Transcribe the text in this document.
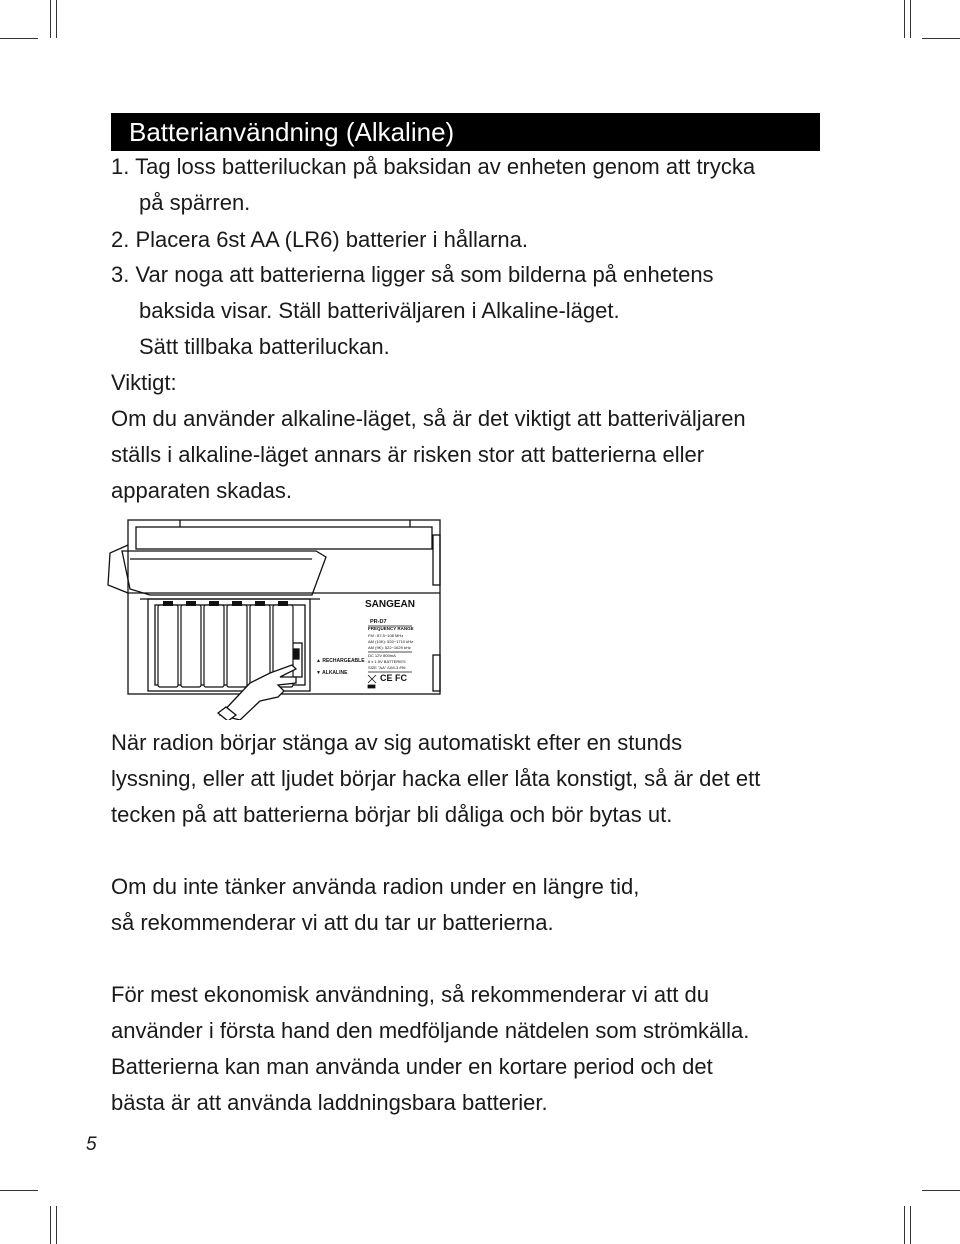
Batterianvändning (Alkaline)
1. Tag loss batteriluckan på baksidan av enheten genom att trycka
på spärren.
2. Placera 6st AA (LR6) batterier i hållarna.
3. Var noga att batterierna ligger så som bilderna på enhetens
baksida visar. Ställ batteriväljaren i Alkaline-läget.
Sätt tillbaka batteriluckan.
Viktigt:
Om du använder alkaline-läget, så är det viktigt att batteriväljaren
ställs i alkaline-läget annars är risken stor att batterierna eller
apparaten skadas.
▲ RECHARGEABLE
▼ ALKALINE
SANGEAN
PR-D7
FREQUENCY RANGE
FM : 87.5~108 MHz
AM (10K): 520~1710 kHz
AM (9K): 522~1629 kHz
DC 12V 800mA
6 x 1.5V BATTERIES
SIZE "AA" /UM-3 /R6
CE FC
När radion börjar stänga av sig automatiskt efter en stunds
lyssning, eller att ljudet börjar hacka eller låta konstigt, så är det ett
tecken på att batterierna börjar bli dåliga och bör bytas ut.
Om du inte tänker använda radion under en längre tid,
så rekommenderar vi att du tar ur batterierna.
För mest ekonomisk användning, så rekommenderar vi att du
använder i första hand den medföljande nätdelen som strömkälla.
Batterierna kan man använda under en kortare period och det
bästa är att använda laddningsbara batterier.
5
